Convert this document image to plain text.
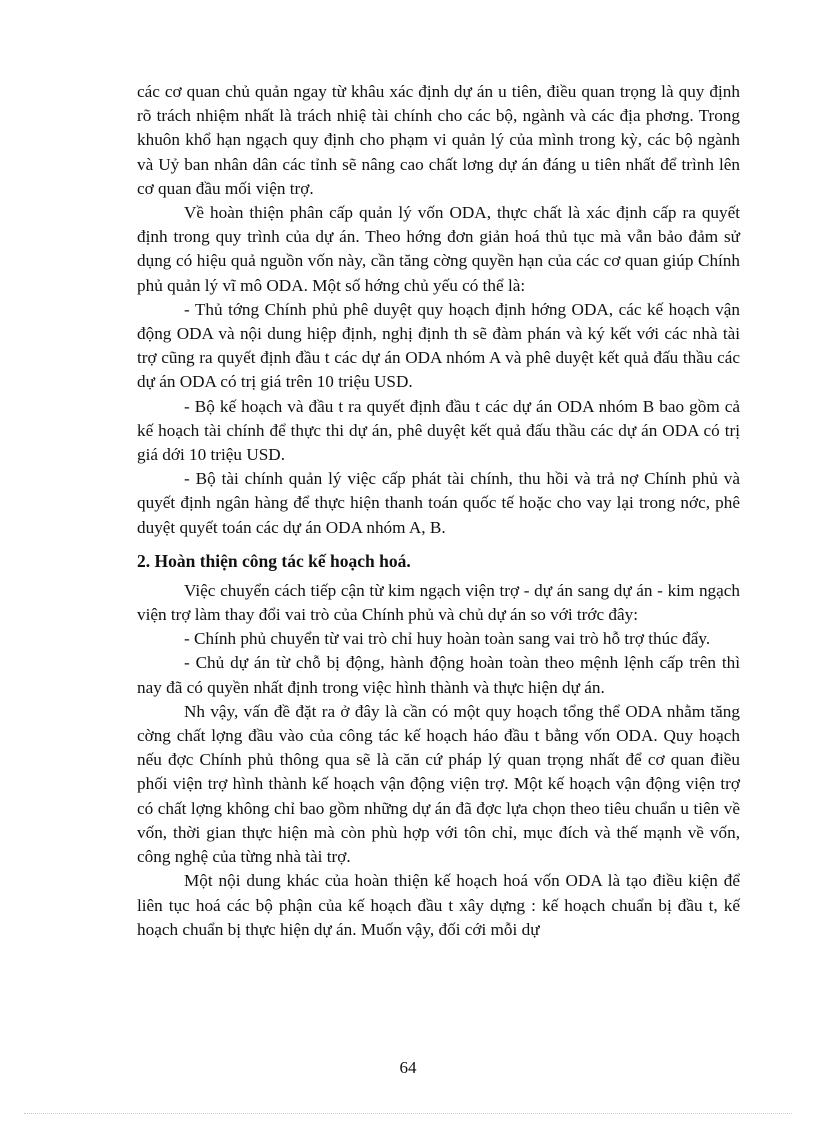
các cơ quan chủ quản ngay từ khâu xác định dự án u tiên, điều quan trọng là quy định rõ trách nhiệm nhất là trách nhiệ tài chính cho các bộ, ngành và các địa phơng. Trong khuôn khổ hạn ngạch quy định cho phạm vi quản lý của mình trong kỳ, các bộ ngành và Uỷ ban nhân dân các tỉnh sẽ nâng cao chất lơng dự án đáng u tiên nhất để trình lên cơ quan đầu mối viện trợ.

Về hoàn thiện phân cấp quản lý vốn ODA, thực chất là xác định cấp ra quyết định trong quy trình của dự án. Theo hớng đơn giản hoá thủ tục mà vẫn bảo đảm sử dụng có hiệu quả nguồn vốn này, cần tăng cờng quyền hạn của các cơ quan giúp Chính phủ quản lý vĩ mô ODA. Một số hớng chủ yếu có thể là:

- Thủ tớng Chính phủ phê duyệt quy hoạch định hớng ODA, các kế hoạch vận động ODA và nội dung hiệp định, nghị định th sẽ đàm phán và ký kết với các nhà tài trợ cũng ra quyết định đầu t các dự án ODA nhóm A và phê duyệt kết quả đấu thầu các dự án ODA có trị giá trên 10 triệu USD.

- Bộ kế hoạch và đầu t ra quyết định đầu t các dự án ODA nhóm B bao gồm cả kế hoạch tài chính để thực thi dự án, phê duyệt kết quả đấu thầu các dự án ODA có trị giá dới 10 triệu USD.

- Bộ tài chính quản lý việc cấp phát tài chính, thu hồi và trả nợ Chính phủ và quyết định ngân hàng để thực hiện thanh toán quốc tế hoặc cho vay lại trong nớc, phê duyệt quyết toán các dự án ODA nhóm A, B.

2. Hoàn thiện công tác kế hoạch hoá.

Việc chuyển cách tiếp cận từ kim ngạch viện trợ - dự án sang dự án - kim ngạch viện trợ làm thay đổi vai trò của Chính phủ và chủ dự án so với trớc đây:

- Chính phủ chuyển từ vai trò chỉ huy hoàn toàn sang vai trò hỗ trợ thúc đẩy.

- Chủ dự án từ chỗ bị động, hành động hoàn toàn theo mệnh lệnh cấp trên thì nay đã có quyền nhất định trong việc hình thành và thực hiện dự án.

Nh vậy, vấn đề đặt ra ở đây là cần có một quy hoạch tổng thể ODA nhằm tăng cờng chất lợng đầu vào của công tác kế hoạch háo đầu t bằng vốn ODA. Quy hoạch nếu đợc Chính phủ thông qua sẽ là căn cứ pháp lý quan trọng nhất để cơ quan điều phối viện trợ hình thành kế hoạch vận động viện trợ. Một kế hoạch vận động viện trợ có chất lợng không chỉ bao gồm những dự án đã đợc lựa chọn theo tiêu chuẩn u tiên về vốn, thời gian thực hiện mà còn phù hợp với tôn chỉ, mục đích và thế mạnh về vốn, công nghệ của từng nhà tài trợ.

Một nội dung khác của hoàn thiện kế hoạch hoá vốn ODA là tạo điều kiện để liên tục hoá các bộ phận của kế hoạch đầu t xây dựng : kế hoạch chuẩn bị đầu t, kế hoạch chuẩn bị thực hiện dự án. Muốn vậy, đối cới mỗi dự

64
